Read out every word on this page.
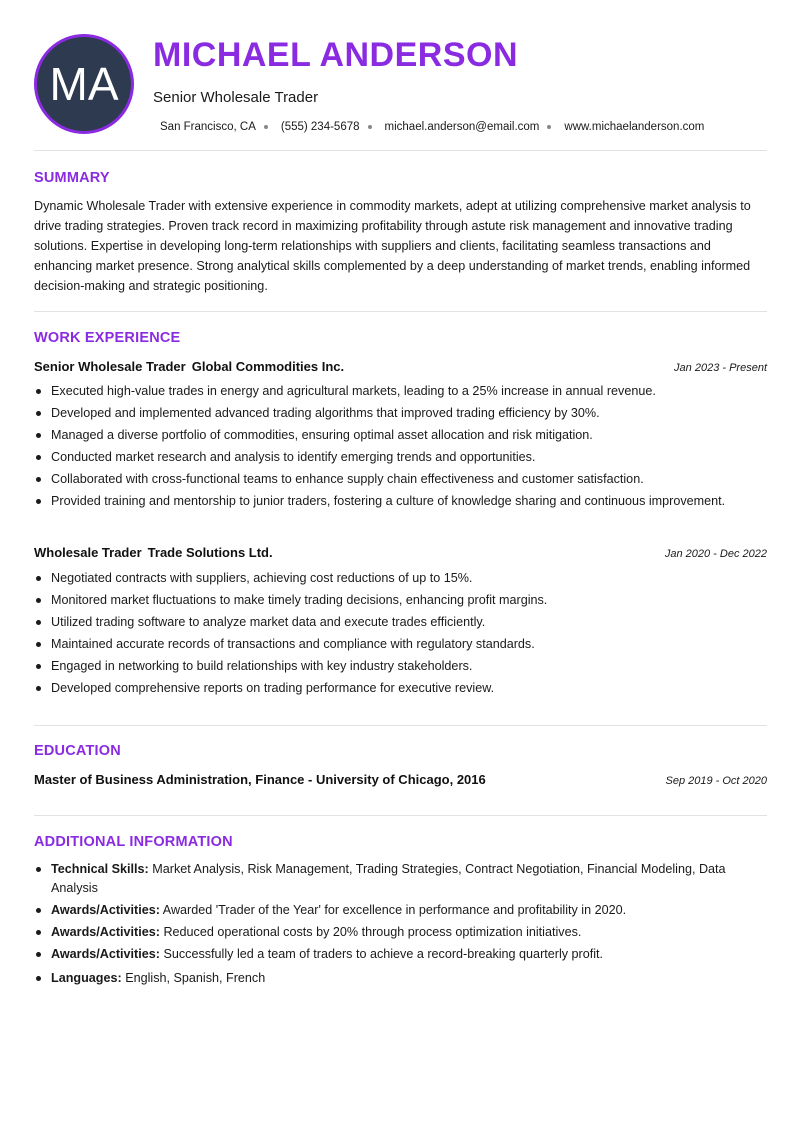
MA
MICHAEL ANDERSON
Senior Wholesale Trader
San Francisco, CA (555) 234-5678 michael.anderson@email.com www.michaelanderson.com
SUMMARY

Dynamic Wholesale Trader with extensive experience in commodity markets, adept at utilizing comprehensive market analysis to drive trading strategies. Proven track record in maximizing profitability through astute risk management and innovative trading solutions. Expertise in developing long-term relationships with suppliers and clients, facilitating seamless transactions and enhancing market presence. Strong analytical skills complemented by a deep understanding of market trends, enabling informed decision-making and strategic positioning.

WORK EXPERIENCE
Senior Wholesale Trader Global Commodities Inc.	Jan 2023 - Present
Executed high-value trades in energy and agricultural markets, leading to a 25% increase in annual revenue.
Developed and implemented advanced trading algorithms that improved trading efficiency by 30%.
Managed a diverse portfolio of commodities, ensuring optimal asset allocation and risk mitigation.
Conducted market research and analysis to identify emerging trends and opportunities.
Collaborated with cross-functional teams to enhance supply chain effectiveness and customer satisfaction.
Provided training and mentorship to junior traders, fostering a culture of knowledge sharing and continuous improvement.
Wholesale Trader Trade Solutions Ltd.	Jan 2020 - Dec 2022
Negotiated contracts with suppliers, achieving cost reductions of up to 15%.
Monitored market fluctuations to make timely trading decisions, enhancing profit margins.
Utilized trading software to analyze market data and execute trades efficiently.
Maintained accurate records of transactions and compliance with regulatory standards.
Engaged in networking to build relationships with key industry stakeholders.
Developed comprehensive reports on trading performance for executive review.
EDUCATION
Master of Business Administration, Finance - University of Chicago, 2016	Sep 2019 - Oct 2020
ADDITIONAL INFORMATION
Technical Skills: Market Analysis, Risk Management, Trading Strategies, Contract Negotiation, Financial Modeling, Data Analysis
Awards/Activities: Awarded 'Trader of the Year' for excellence in performance and profitability in 2020.
Awards/Activities: Reduced operational costs by 20% through process optimization initiatives.
Awards/Activities: Successfully led a team of traders to achieve a record-breaking quarterly profit.
Languages: English, Spanish, French
